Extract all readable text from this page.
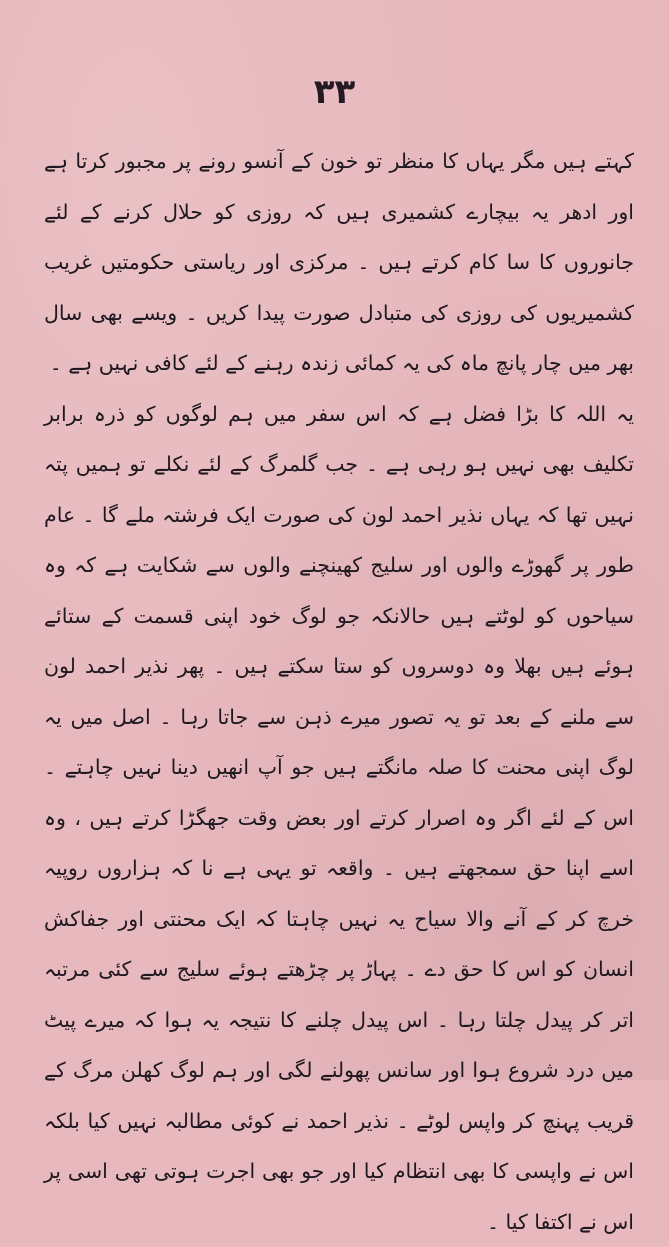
۳۳

کہتے ہیں مگر یہاں کا منظر تو خون کے آنسو رونے پر مجبور کرتا ہے اور ادھر یہ بیچارے کشمیری ہیں کہ روزی کو حلال کرنے کے لئے جانوروں کا سا کام کرتے ہیں ۔ مرکزی اور ریاستی حکومتیں غریب کشمیریوں کی روزی کی متبادل صورت پیدا کریں ۔ ویسے بھی سال بھر میں چار پانچ ماہ کی یہ کمائی زندہ رہنے کے لئے کافی نہیں ہے ۔

یہ اللہ کا بڑا فضل ہے کہ اس سفر میں ہم لوگوں کو ذرہ برابر تکلیف بھی نہیں ہو رہی ہے ۔ جب گلمرگ کے لئے نکلے تو ہمیں پتہ نہیں تھا کہ یہاں نذیر احمد لون کی صورت ایک فرشتہ ملے گا ۔ عام طور پر گھوڑے والوں اور سلیج کھینچنے والوں سے شکایت ہے کہ وہ سیاحوں کو لوٹتے ہیں حالانکہ جو لوگ خود اپنی قسمت کے ستائے ہوئے ہیں بھلا وہ دوسروں کو ستا سکتے ہیں ۔ پھر نذیر احمد لون سے ملنے کے بعد تو یہ تصور میرے ذہن سے جاتا رہا ۔ اصل میں یہ لوگ اپنی محنت کا صلہ مانگتے ہیں جو آپ انھیں دینا نہیں چاہتے ۔ اس کے لئے اگر وہ اصرار کرتے اور بعض وقت جھگڑا کرتے ہیں ، وہ اسے اپنا حق سمجھتے ہیں ۔ واقعہ تو یہی ہے نا کہ ہزاروں روپیہ خرچ کر کے آنے والا سیاح یہ نہیں چاہتا کہ ایک محنتی اور جفاکش انسان کو اس کا حق دے ۔ پہاڑ پر چڑھتے ہوئے سلیج سے کئی مرتبہ اتر کر پیدل چلتا رہا ۔ اس پیدل چلنے کا نتیجہ یہ ہوا کہ میرے پیٹ میں درد شروع ہوا اور سانس پھولنے لگی اور ہم لوگ کھلن مرگ کے قریب پہنچ کر واپس لوٹے ۔ نذیر احمد نے کوئی مطالبہ نہیں کیا بلکہ اس نے واپسی کا بھی انتظام کیا اور جو بھی اجرت ہوتی تھی اسی پر اس نے اکتفا کیا ۔
